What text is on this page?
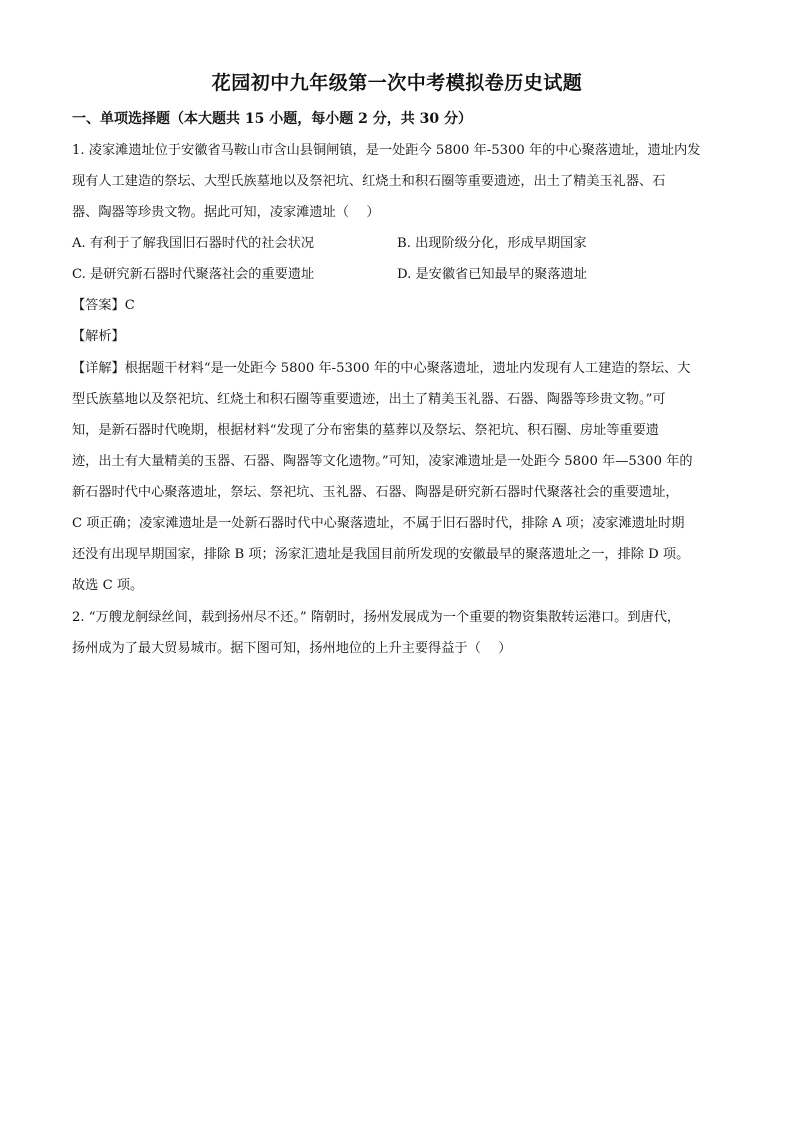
花园初中九年级第一次中考模拟卷历史试题
一、单项选择题（本大题共 15 小题，每小题 2 分，共 30 分）
1. 凌家滩遗址位于安徽省马鞍山市含山县铜闸镇，是一处距今 5800 年-5300 年的中心聚落遗址，遗址内发
现有人工建造的祭坛、大型氏族墓地以及祭祀坑、红烧土和积石圈等重要遗迹，出土了精美玉礼器、石
器、陶器等珍贵文物。据此可知，凌家滩遗址（　 ）
A. 有利于了解我国旧石器时代的社会状况	B. 出现阶级分化，形成早期国家
C. 是研究新石器时代聚落社会的重要遗址	D. 是安徽省已知最早的聚落遗址
【答案】C
【解析】
【详解】根据题干材料“是一处距今 5800 年-5300 年的中心聚落遗址，遗址内发现有人工建造的祭坛、大
型氏族墓地以及祭祀坑、红烧土和积石圈等重要遗迹，出土了精美玉礼器、石器、陶器等珍贵文物。”可
知，是新石器时代晚期，根据材料“发现了分布密集的墓葬以及祭坛、祭祀坑、积石圈、房址等重要遗
迹，出土有大量精美的玉器、石器、陶器等文化遗物。”可知，凌家滩遗址是一处距今 5800 年—5300 年的
新石器时代中心聚落遗址，祭坛、祭祀坑、玉礼器、石器、陶器是研究新石器时代聚落社会的重要遗址，
C 项正确；凌家滩遗址是一处新石器时代中心聚落遗址，不属于旧石器时代，排除 A 项；凌家滩遗址时期
还没有出现早期国家，排除 B 项；汤家汇遗址是我国目前所发现的安徽最早的聚落遗址之一，排除 D 项。
故选 C 项。
2. “万艘龙舸绿丝间，载到扬州尽不还。” 隋朝时，扬州发展成为一个重要的物资集散转运港口。到唐代，
扬州成为了最大贸易城市。据下图可知，扬州地位的上升主要得益于（　 ）
